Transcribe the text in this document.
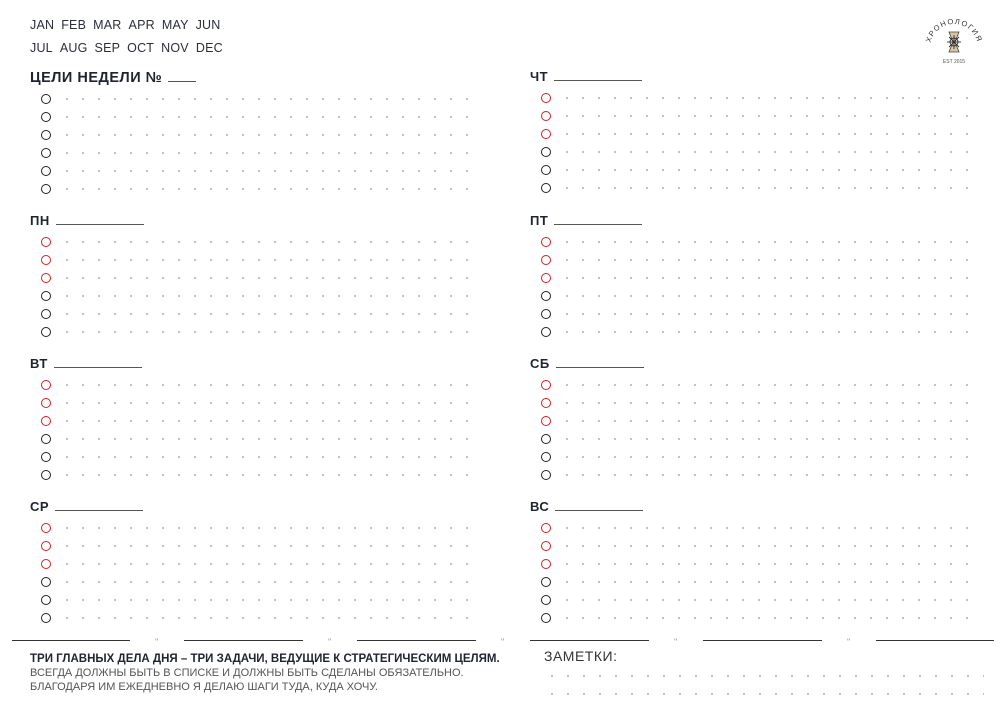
JAN FEB MAR APR MAY JUN
JUL AUG SEP OCT NOV DEC
ХРОНОЛОГИЯ
EST 2015
ЦЕЛИ НЕДЕЛИ №
ПН
ВТ
СР
ЧТ
ПТ
СБ
ВС
"	"	"	"	"
ТРИ ГЛАВНЫХ ДЕЛА ДНЯ – ТРИ ЗАДАЧИ, ВЕДУЩИЕ К СТРАТЕГИЧЕСКИМ ЦЕЛЯМ.
ВСЕГДА ДОЛЖНЫ БЫТЬ В СПИСКЕ И ДОЛЖНЫ БЫТЬ СДЕЛАНЫ ОБЯЗАТЕЛЬНО.
БЛАГОДАРЯ ИМ ЕЖЕДНЕВНО Я ДЕЛАЮ ШАГИ ТУДА, КУДА ХОЧУ.
ЗАМЕТКИ:
